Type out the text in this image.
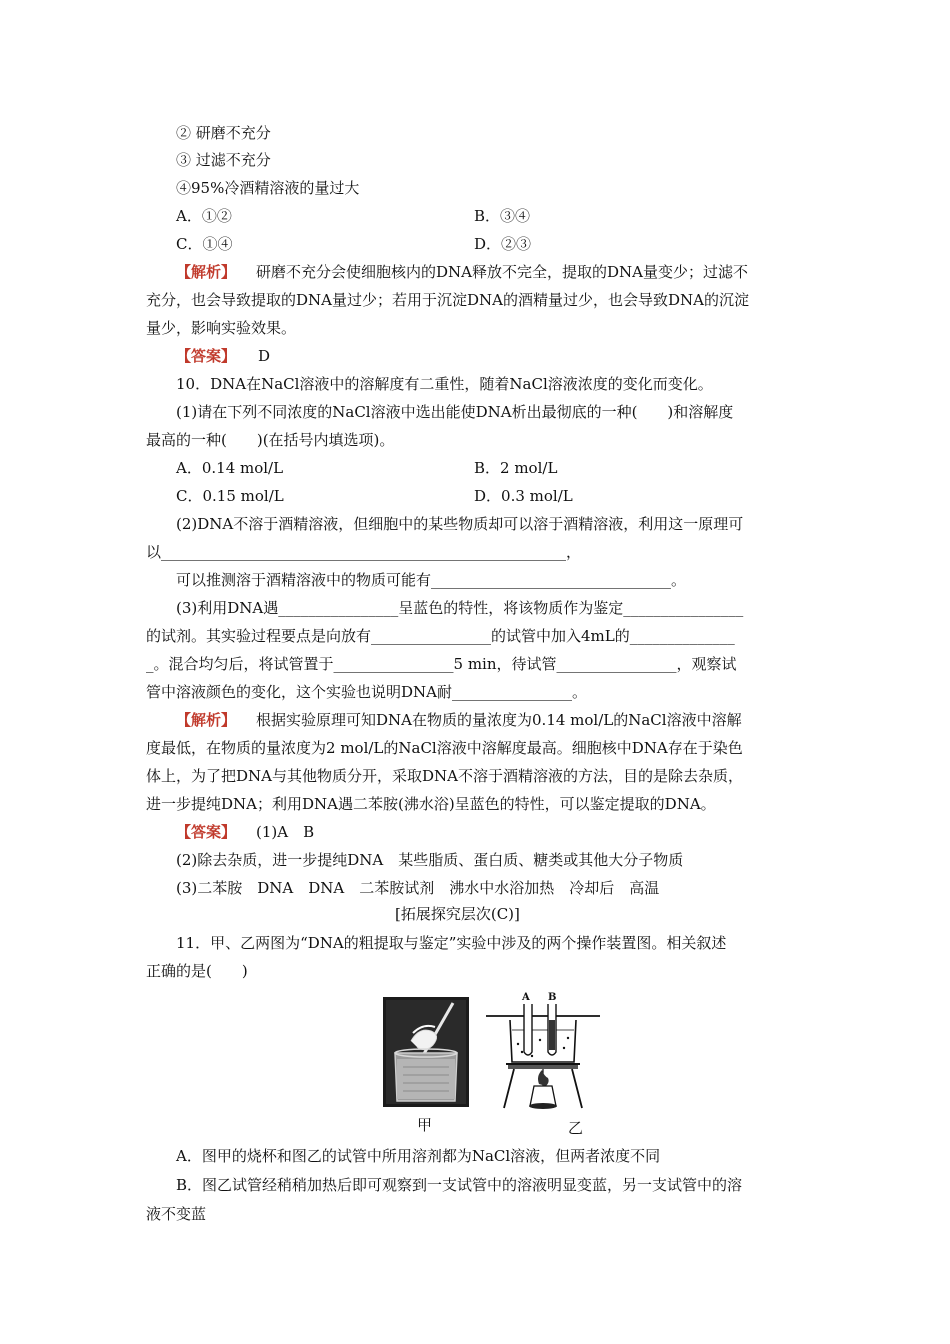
② 研磨不充分
③ 过滤不充分
④95%冷酒精溶液的量过大
A．①②	B．③④
C．①④	D．②③
【解析】 研磨不充分会使细胞核内的DNA释放不完全，提取的DNA量变少；过滤不
充分，也会导致提取的DNA量过少；若用于沉淀DNA的酒精量过少，也会导致DNA的沉淀
量少，影响实验效果。
【答案】 D
10．DNA在NaCl溶液中的溶解度有二重性，随着NaCl溶液浓度的变化而变化。
(1)请在下列不同浓度的NaCl溶液中选出能使DNA析出最彻底的一种(　　)和溶解度
最高的一种(　　)(在括号内填选项)。
A．0.14 mol/L	B．2 mol/L
C．0.15 mol/L	D．0.3 mol/L
(2)DNA不溶于酒精溶液，但细胞中的某些物质却可以溶于酒精溶液，利用这一原理可
以______________________________________________________，
可以推测溶于酒精溶液中的物质可能有________________________________。
(3)利用DNA遇________________呈蓝色的特性，将该物质作为鉴定________________
的试剂。其实验过程要点是向放有________________的试管中加入4mL的______________
_。混合均匀后，将试管置于________________5 min，待试管________________，观察试
管中溶液颜色的变化，这个实验也说明DNA耐________________。
【解析】 根据实验原理可知DNA在物质的量浓度为0.14 mol/L的NaCl溶液中溶解
度最低，在物质的量浓度为2 mol/L的NaCl溶液中溶解度最高。细胞核中DNA存在于染色
体上，为了把DNA与其他物质分开，采取DNA不溶于酒精溶液的方法，目的是除去杂质，
进一步提纯DNA；利用DNA遇二苯胺(沸水浴)呈蓝色的特性，可以鉴定提取的DNA。
【答案】 (1)A　B
(2)除去杂质，进一步提纯DNA　某些脂质、蛋白质、糖类或其他大分子物质
(3)二苯胺　DNA　DNA　二苯胺试剂　沸水中水浴加热　冷却后　高温
[拓展探究层次(C)]
11．甲、乙两图为“DNA的粗提取与鉴定”实验中涉及的两个操作装置图。相关叙述
正确的是(　　)
甲
A B
乙
A．图甲的烧杯和图乙的试管中所用溶剂都为NaCl溶液，但两者浓度不同
B．图乙试管经稍稍加热后即可观察到一支试管中的溶液明显变蓝，另一支试管中的溶
液不变蓝
